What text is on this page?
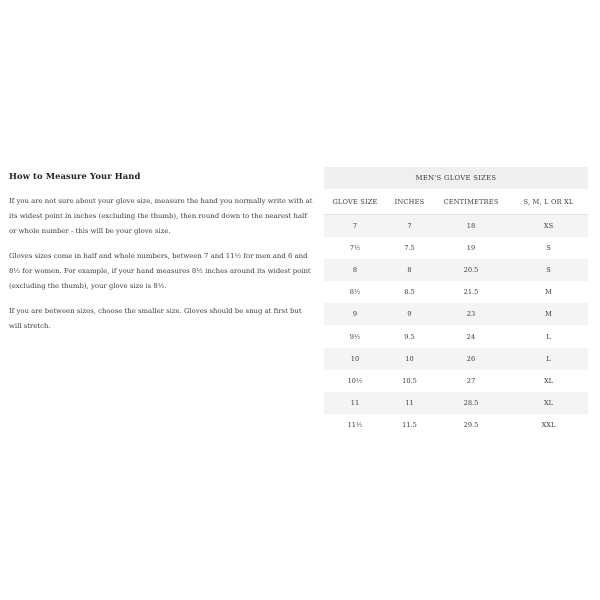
How to Measure Your Hand

If you are not sure about your glove size, measure the hand you normally write with at its widest point in inches (excluding the thumb), then round down to the nearest half or whole number - this will be your glove size.

Gloves sizes come in half and whole numbers, between 7 and 11½ for men and 6 and 8½ for women. For example, if your hand measures 8½ inches around its widest point (excluding the thumb), your glove size is 8½.

If you are between sizes, choose the smaller size. Gloves should be snug at first but will stretch.

MEN'S GLOVE SIZES			
GLOVE SIZE	INCHES	CENTIMETRES	S, M, L OR XL
7	7	18	XS
7½	7.5	19	S
8	8	20.5	S
8½	8.5	21.5	M
9	9	23	M
9½	9.5	24	L
10	10	26	L
10½	10.5	27	XL
11	11	28.5	XL
11½	11.5	29.5	XXL
